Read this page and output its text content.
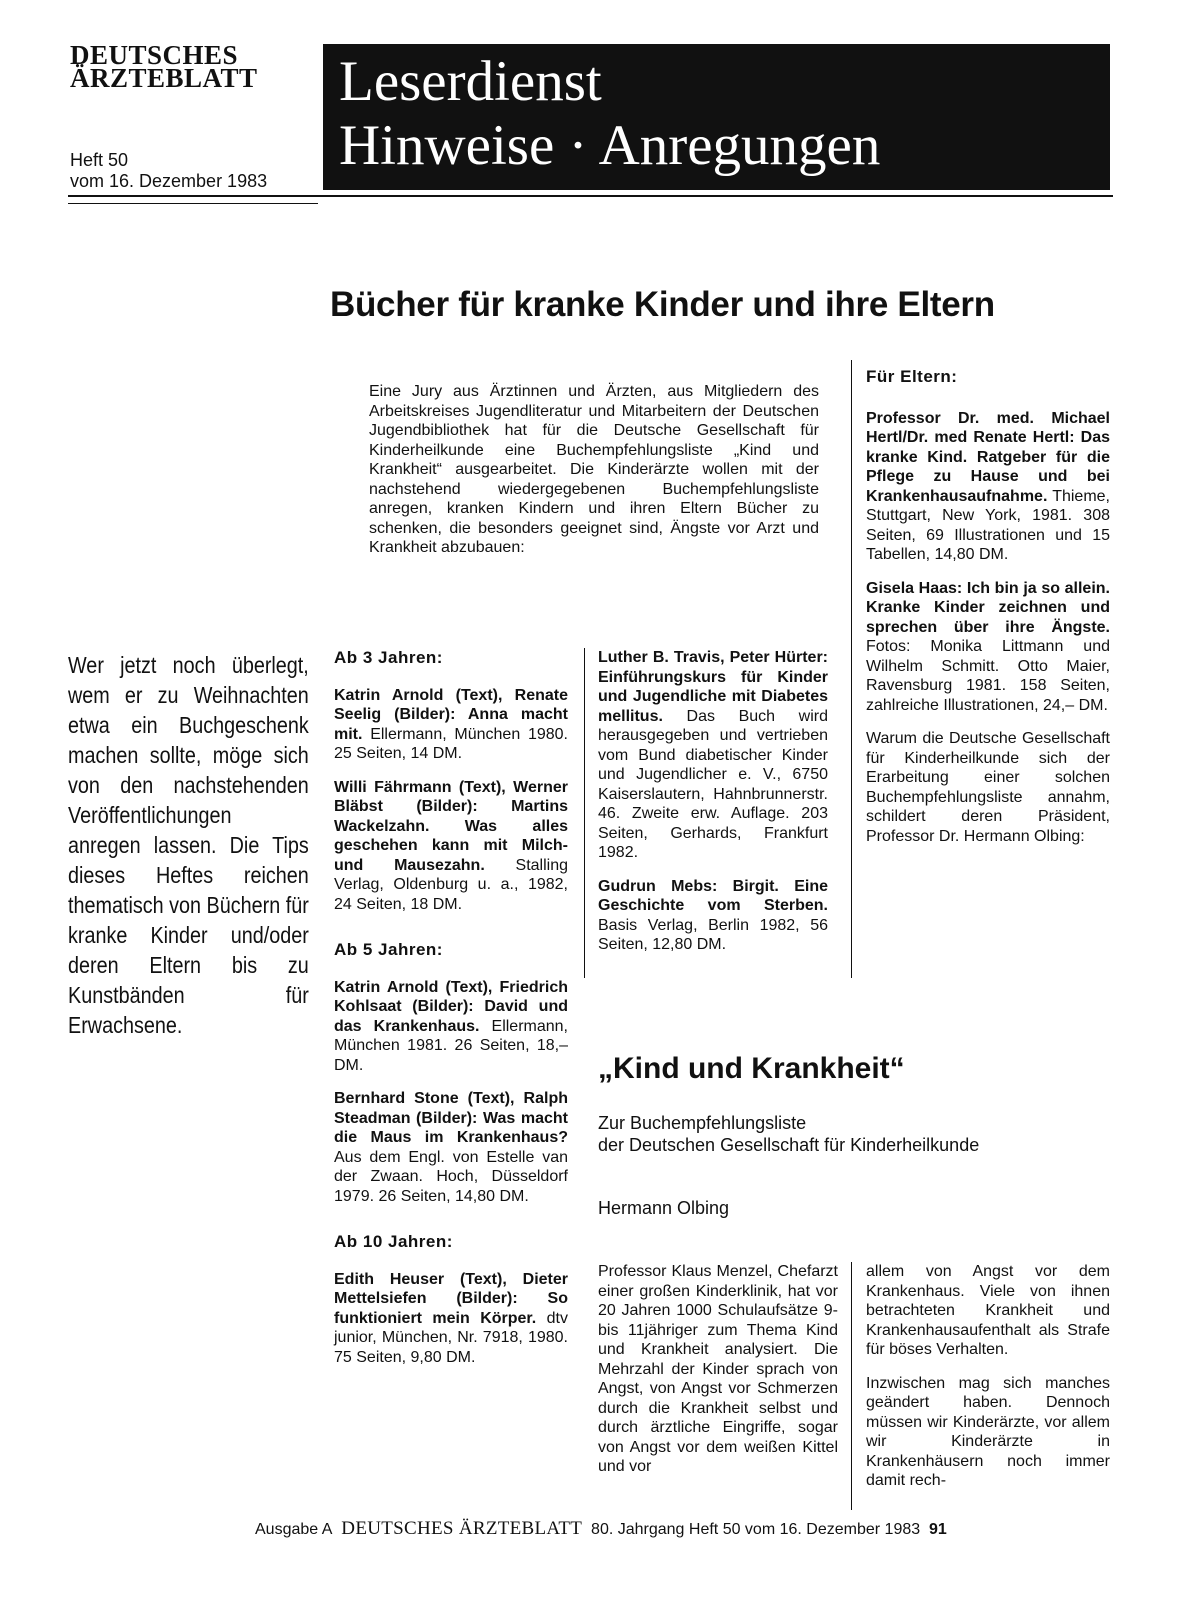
DEUTSCHES
ÄRZTEBLATT
Heft 50
vom 16. Dezember 1983
Leserdienst
Hinweise · Anregungen
Bücher für kranke Kinder und ihre Eltern

Eine Jury aus Ärztinnen und Ärzten, aus Mitgliedern des Arbeitskreises Jugendliteratur und Mitarbeitern der Deutschen Jugendbibliothek hat für die Deutsche Gesellschaft für Kinderheilkunde eine Buchempfehlungsliste „Kind und Krankheit“ ausgearbeitet. Die Kinderärzte wollen mit der nachstehend wiedergegebenen Buchempfehlungsliste anregen, kranken Kindern und ihren Eltern Bücher zu schenken, die besonders geeignet sind, Ängste vor Arzt und Krankheit abzubauen:

Wer jetzt noch überlegt, wem er zu Weihnachten etwa ein Buchgeschenk machen sollte, möge sich von den nachstehenden Veröffentlichungen anregen lassen. Die Tips dieses Heftes reichen thematisch von Büchern für kranke Kinder und/oder deren Eltern bis zu Kunstbänden für Erwachsene.
Ab 3 Jahren:

Katrin Arnold (Text), Renate Seelig (Bilder): Anna macht mit. Ellermann, München 1980. 25 Seiten, 14 DM.

Willi Fährmann (Text), Werner Bläbst (Bilder): Martins Wackelzahn. Was alles geschehen kann mit Milch- und Mausezahn. Stalling Verlag, Oldenburg u. a., 1982, 24 Seiten, 18 DM.

Ab 5 Jahren:

Katrin Arnold (Text), Friedrich Kohlsaat (Bilder): David und das Krankenhaus. Ellermann, München 1981. 26 Seiten, 18,– DM.

Bernhard Stone (Text), Ralph Steadman (Bilder): Was macht die Maus im Krankenhaus? Aus dem Engl. von Estelle van der Zwaan. Hoch, Düsseldorf 1979. 26 Seiten, 14,80 DM.

Ab 10 Jahren:

Edith Heuser (Text), Dieter Mettelsiefen (Bilder): So funktioniert mein Körper. dtv junior, München, Nr. 7918, 1980. 75 Seiten, 9,80 DM.

Luther B. Travis, Peter Hürter: Einführungskurs für Kinder und Jugendliche mit Diabetes mellitus. Das Buch wird herausgegeben und vertrieben vom Bund diabetischer Kinder und Jugendlicher e. V., 6750 Kaiserslautern, Hahnbrunnerstr. 46. Zweite erw. Auflage. 203 Seiten, Gerhards, Frankfurt 1982.

Gudrun Mebs: Birgit. Eine Geschichte vom Sterben. Basis Verlag, Berlin 1982, 56 Seiten, 12,80 DM.

Für Eltern:

Professor Dr. med. Michael Hertl/Dr. med Renate Hertl: Das kranke Kind. Ratgeber für die Pflege zu Hause und bei Krankenhausaufnahme. Thieme, Stuttgart, New York, 1981. 308 Seiten, 69 Illustrationen und 15 Tabellen, 14,80 DM.

Gisela Haas: Ich bin ja so allein. Kranke Kinder zeichnen und sprechen über ihre Ängste. Fotos: Monika Littmann und Wilhelm Schmitt. Otto Maier, Ravensburg 1981. 158 Seiten, zahlreiche Illustrationen, 24,– DM.

Warum die Deutsche Gesellschaft für Kinderheilkunde sich der Erarbeitung einer solchen Buchempfehlungsliste annahm, schildert deren Präsident, Professor Dr. Hermann Olbing:

„Kind und Krankheit“
Zur Buchempfehlungsliste
der Deutschen Gesellschaft für Kinderheilkunde
Hermann Olbing

Professor Klaus Menzel, Chefarzt einer großen Kinderklinik, hat vor 20 Jahren 1000 Schulaufsätze 9- bis 11jähriger zum Thema Kind und Krankheit analysiert. Die Mehrzahl der Kinder sprach von Angst, von Angst vor Schmerzen durch die Krankheit selbst und durch ärztliche Eingriffe, sogar von Angst vor dem weißen Kittel und vor

allem von Angst vor dem Krankenhaus. Viele von ihnen betrachteten Krankheit und Krankenhausaufenthalt als Strafe für böses Verhalten.

Inzwischen mag sich manches geändert haben. Dennoch müssen wir Kinderärzte, vor allem wir Kinderärzte in Krankenhäusern noch immer damit rech-

Ausgabe A DEUTSCHES ÄRZTEBLATT 80. Jahrgang Heft 50 vom 16. Dezember 1983 91
